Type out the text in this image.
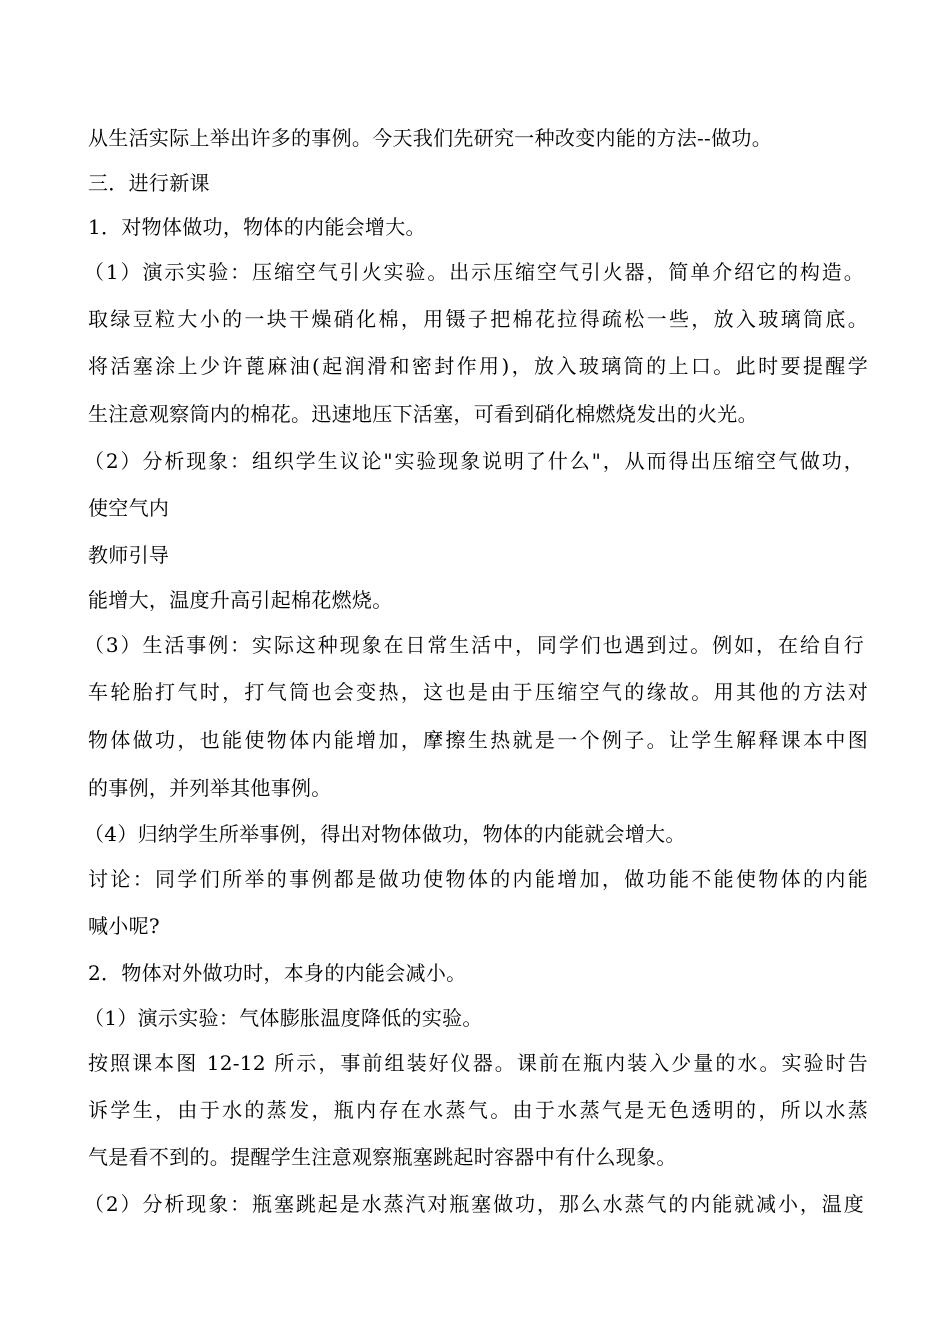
从生活实际上举出许多的事例。今天我们先研究一种改变内能的方法--做功。
三．进行新课
1．对物体做功，物体的内能会增大。
（1）演示实验：压缩空气引火实验。出示压缩空气引火器，简单介绍它的构造。
取绿豆粒大小的一块干燥硝化棉，用镊子把棉花拉得疏松一些，放入玻璃筒底。
将活塞涂上少许蓖麻油(起润滑和密封作用)，放入玻璃筒的上口。此时要提醒学
生注意观察筒内的棉花。迅速地压下活塞，可看到硝化棉燃烧发出的火光。
（2）分析现象：组织学生议论"实验现象说明了什么"，从而得出压缩空气做功，
使空气内
教师引导
能增大，温度升高引起棉花燃烧。
（3）生活事例：实际这种现象在日常生活中，同学们也遇到过。例如，在给自行
车轮胎打气时，打气筒也会变热，这也是由于压缩空气的缘故。用其他的方法对
物体做功，也能使物体内能增加，摩擦生热就是一个例子。让学生解释课本中图
的事例，并列举其他事例。
（4）归纳学生所举事例，得出对物体做功，物体的内能就会增大。
讨论：同学们所举的事例都是做功使物体的内能增加，做功能不能使物体的内能
喊小呢?
2．物体对外做功时，本身的内能会减小。
（1）演示实验：气体膨胀温度降低的实验。
按照课本图 12-12 所示，事前组装好仪器。课前在瓶内装入少量的水。实验时告
诉学生，由于水的蒸发，瓶内存在水蒸气。由于水蒸气是无色透明的，所以水蒸
气是看不到的。提醒学生注意观察瓶塞跳起时容器中有什么现象。
（2）分析现象：瓶塞跳起是水蒸汽对瓶塞做功，那么水蒸气的内能就减小，温度
